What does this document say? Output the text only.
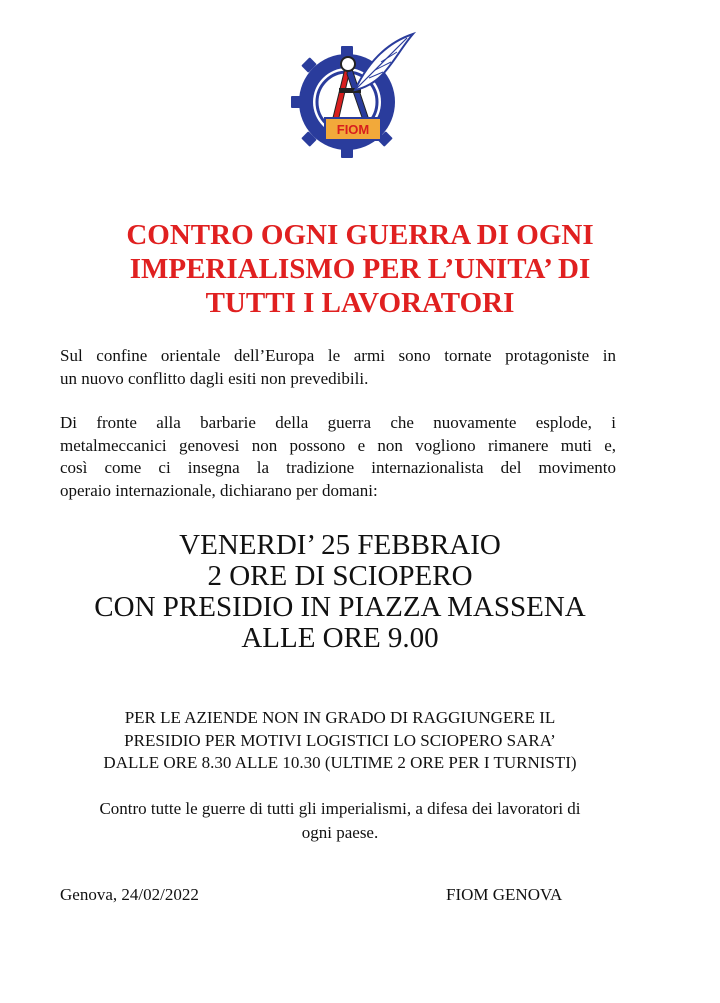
FIOM
CONTRO OGNI GUERRA DI OGNI
IMPERIALISMO PER L’UNITA’ DI
TUTTI I LAVORATORI

Sul confine orientale dell’Europa le armi sono tornate protagoniste in
un nuovo conflitto dagli esiti non prevedibili.

Di fronte alla barbarie della guerra che nuovamente esplode, i
metalmeccanici genovesi non possono e non vogliono rimanere muti e,
così come ci insegna la tradizione internazionalista del movimento
operaio internazionale, dichiarano per domani:

VENERDI’ 25 FEBBRAIO
2 ORE DI SCIOPERO
CON PRESIDIO IN PIAZZA MASSENA
ALLE ORE 9.00
PER LE AZIENDE NON IN GRADO DI RAGGIUNGERE IL
PRESIDIO PER MOTIVI LOGISTICI LO SCIOPERO SARA’
DALLE ORE 8.30 ALLE 10.30 (ULTIME 2 ORE PER I TURNISTI)
Contro tutte le guerre di tutti gli imperialismi, a difesa dei lavoratori di
ogni paese.
Genova, 24/02/2022	FIOM GENOVA
